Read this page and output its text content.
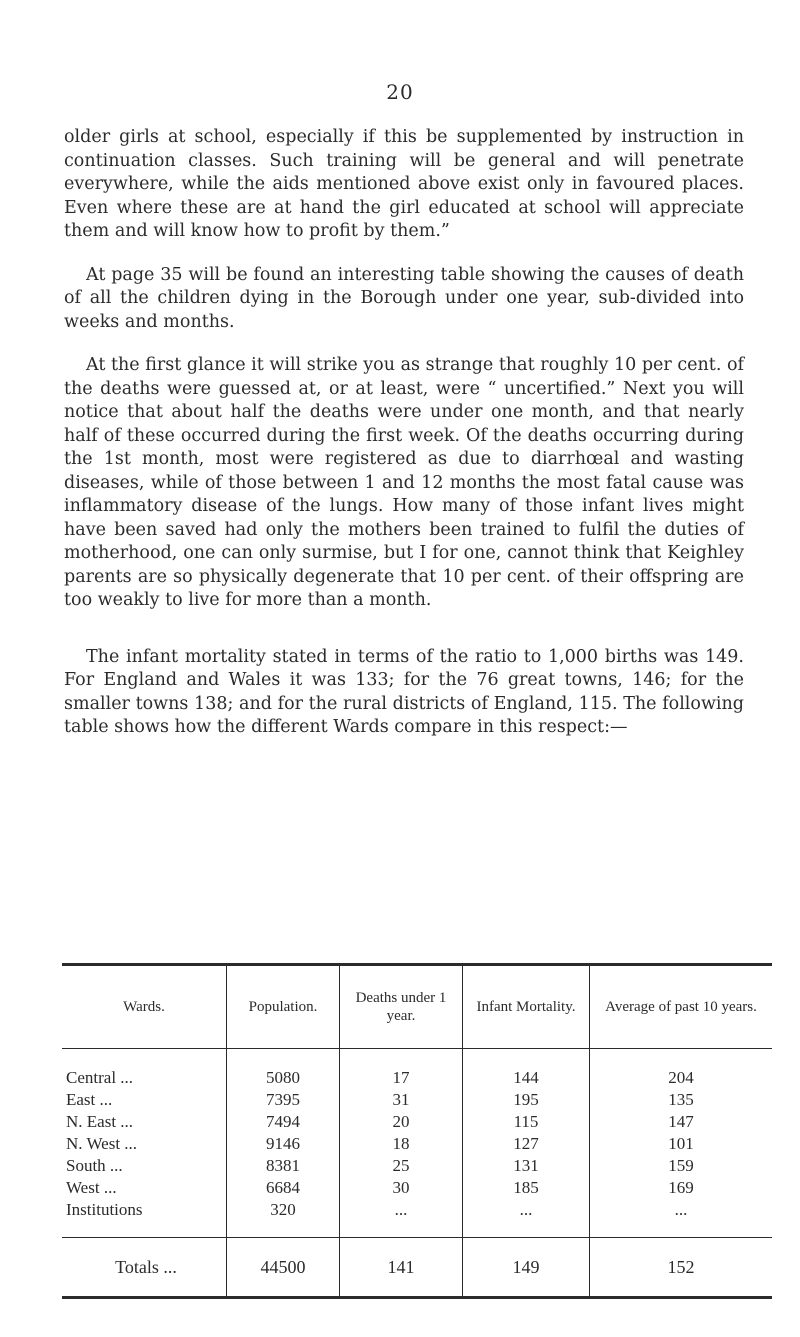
20

older girls at school, especially if this be supplemented by instruction in continuation classes. Such training will be general and will penetrate everywhere, while the aids mentioned above exist only in favoured places. Even where these are at hand the girl educated at school will appreciate them and will know how to profit by them.”

At page 35 will be found an interesting table showing the causes of death of all the children dying in the Borough under one year, sub-divided into weeks and months.

At the first glance it will strike you as strange that roughly 10 per cent. of the deaths were guessed at, or at least, were “ uncertified.” Next you will notice that about half the deaths were under one month, and that nearly half of these occurred during the first week. Of the deaths occurring during the 1st month, most were registered as due to diarrhœal and wasting diseases, while of those between 1 and 12 months the most fatal cause was inflammatory disease of the lungs. How many of those infant lives might have been saved had only the mothers been trained to fulfil the duties of motherhood, one can only surmise, but I for one, cannot think that Keighley parents are so physically degenerate that 10 per cent. of their offspring are too weakly to live for more than a month.

The infant mortality stated in terms of the ratio to 1,000 births was 149. For England and Wales it was 133; for the 76 great towns, 146; for the smaller towns 138; and for the rural districts of England, 115. The following table shows how the different Wards compare in this respect:—

Wards.	Population.	Deaths under 1 year.	Infant Mortality.	Average of past 10 years.
Central ...	5080	17	144	204
East ...	7395	31	195	135
N. East ...	7494	20	115	147
N. West ...	9146	18	127	101
South ...	8381	25	131	159
West ...	6684	30	185	169
Institutions	320	...	...	...
Totals ...	44500	141	149	152
